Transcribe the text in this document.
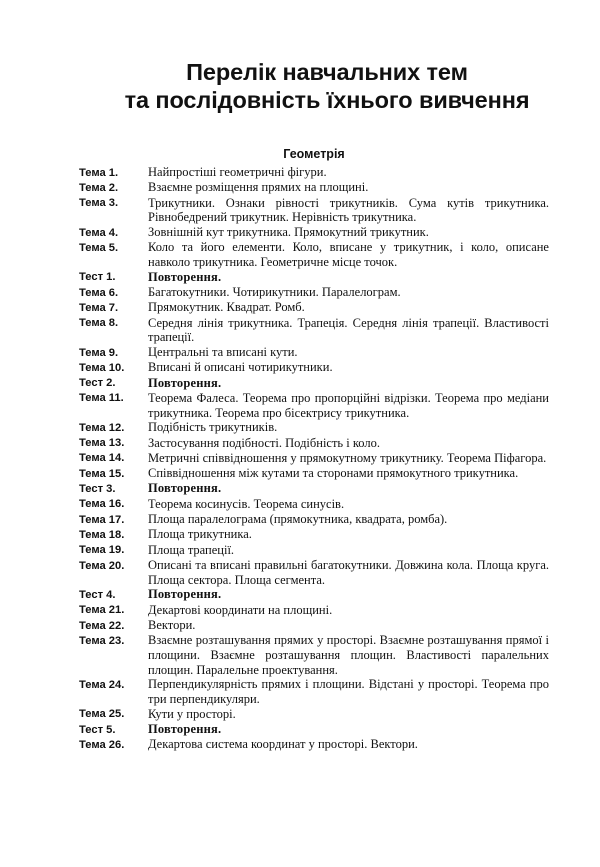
Перелік навчальних тем
та послідовність їхнього вивчення
Геометрія
Тема 1.	Найпростіші геометричні фігури.
Тема 2.	Взаємне розміщення прямих на площині.
Тема 3.	Трикутники. Ознаки рівності трикутників. Сума кутів трикутника. Рівнобедрений трикутник. Нерівність трикутника.
Тема 4.	Зовнішній кут трикутника. Прямокутний трикутник.
Тема 5.	Коло та його елементи. Коло, вписане у трикутник, і коло, описане навколо трикутника. Геометричне місце точок.
Тест 1.	Повторення.
Тема 6.	Багатокутники. Чотирикутники. Паралелограм.
Тема 7.	Прямокутник. Квадрат. Ромб.
Тема 8.	Середня лінія трикутника. Трапеція. Середня лінія трапеції. Властивості трапеції.
Тема 9.	Центральні та вписані кути.
Тема 10.	Вписані й описані чотирикутники.
Тест 2.	Повторення.
Тема 11.	Теорема Фалеса. Теорема про пропорційні відрізки. Теорема про медіани трикутника. Теорема про бісектрису трикутника.
Тема 12.	Подібність трикутників.
Тема 13.	Застосування подібності. Подібність і коло.
Тема 14.	Метричні співвідношення у прямокутному трикутнику. Теорема Піфагора.
Тема 15.	Співвідношення між кутами та сторонами прямокутного трикутника.
Тест 3.	Повторення.
Тема 16.	Теорема косинусів. Теорема синусів.
Тема 17.	Площа паралелограма (прямокутника, квадрата, ромба).
Тема 18.	Площа трикутника.
Тема 19.	Площа трапеції.
Тема 20.	Описані та вписані правильні багатокутники. Довжина кола. Площа круга. Площа сектора. Площа сегмента.
Тест 4.	Повторення.
Тема 21.	Декартові координати на площині.
Тема 22.	Вектори.
Тема 23.	Взаємне розташування прямих у просторі. Взаємне розташування прямої і площини. Взаємне розташування площин. Властивості паралельних площин. Паралельне проектування.
Тема 24.	Перпендикулярність прямих і площини. Відстані у просторі. Теорема про три перпендикуляри.
Тема 25.	Кути у просторі.
Тест 5.	Повторення.
Тема 26.	Декартова система координат у просторі. Вектори.
